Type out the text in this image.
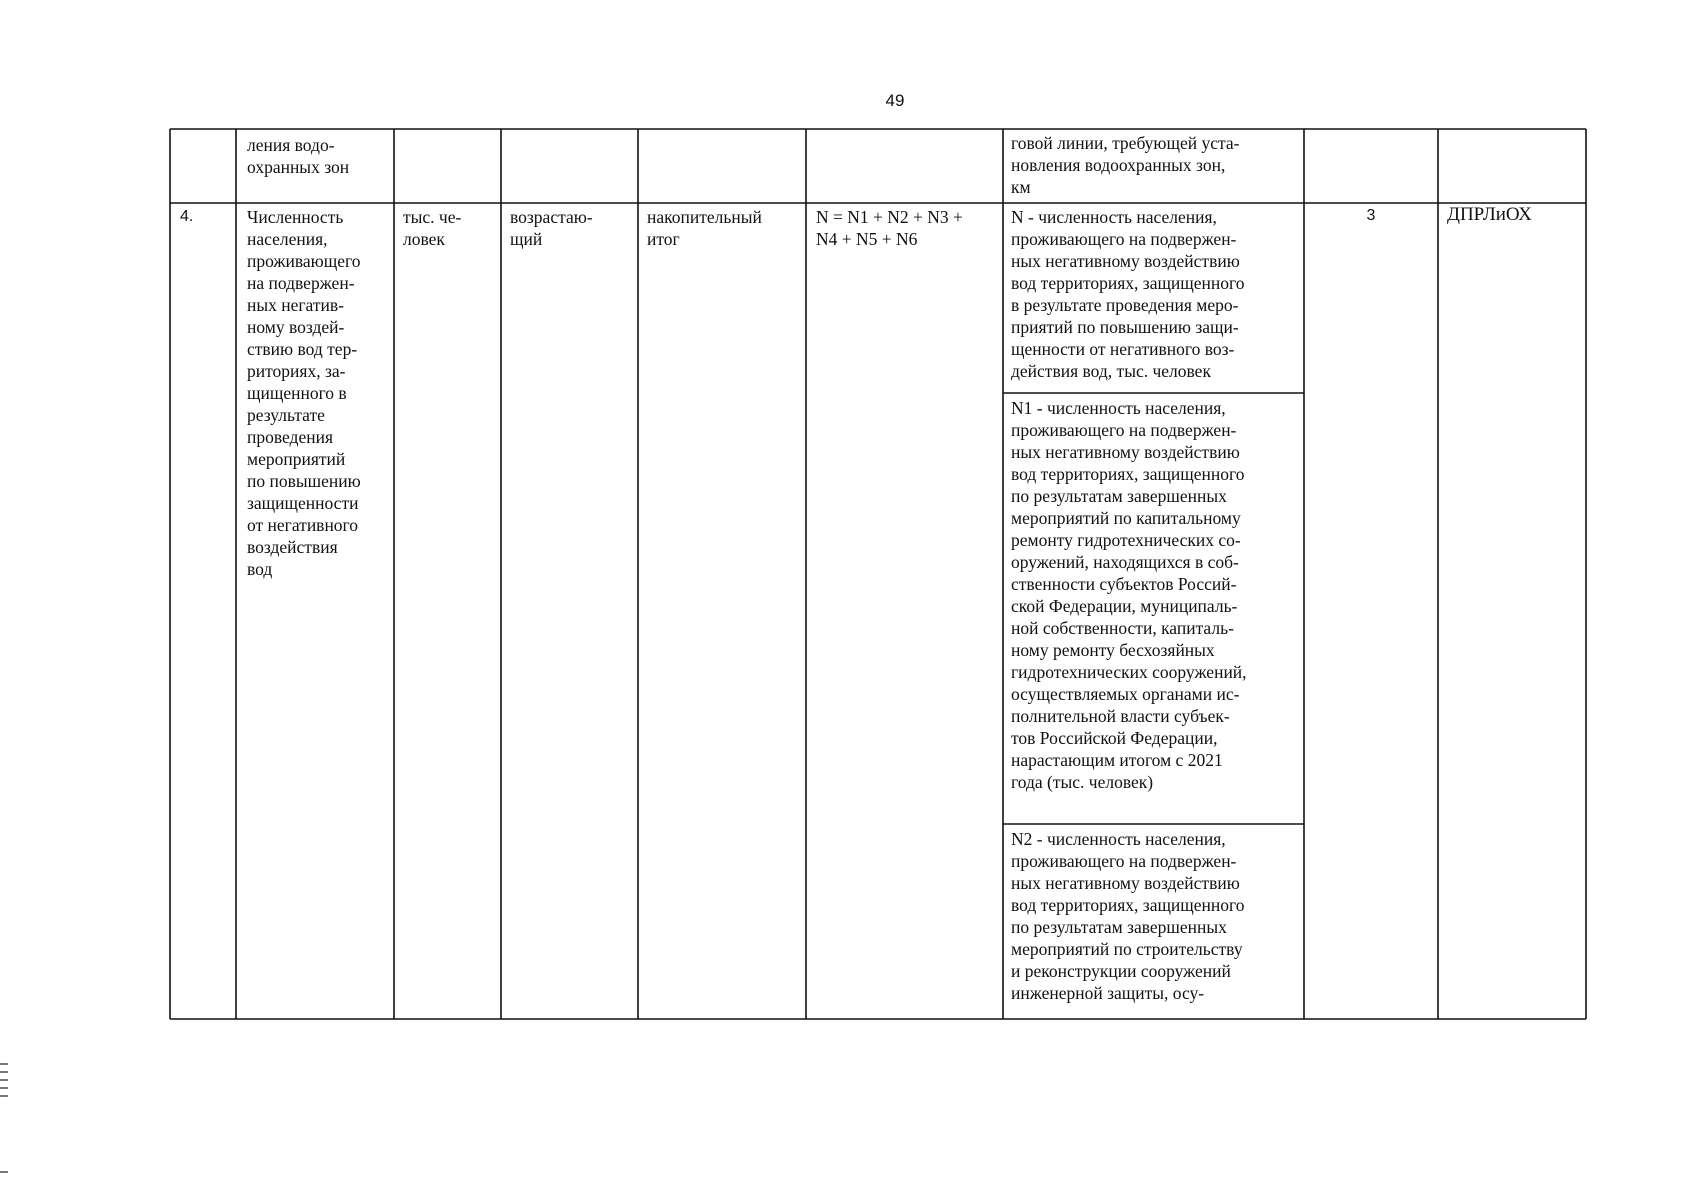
49
ления водо-
охранных зон
говой линии, требующей уста-
новления водоохранных зон,
км
4.	Численность
населения,
проживающего
на подвержен-
ных негатив-
ному воздей-
ствию вод тер-
риториях, за-
щищенного в
результате
проведения
мероприятий
по повышению
защищенности
от негативного
воздействия
вод
тыс. че-
ловек
возрастаю-
щий
накопительный
итог
N = N1 + N2 + N3 +
N4 + N5 + N6
N - численность населения,
проживающего на подвержен-
ных негативному воздействию
вод территориях, защищенного
в результате проведения меро-
приятий по повышению защи-
щенности от негативного воз-
действия вод, тыс. человек
N1 - численность населения,
проживающего на подвержен-
ных негативному воздействию
вод территориях, защищенного
по результатам завершенных
мероприятий по капитальному
ремонту гидротехнических со-
оружений, находящихся в соб-
ственности субъектов Россий-
ской Федерации, муниципаль-
ной собственности, капиталь-
ному ремонту бесхозяйных
гидротехнических сооружений,
осуществляемых органами ис-
полнительной власти субъек-
тов Российской Федерации,
нарастающим итогом с 2021
года (тыс. человек)
N2 - численность населения,
проживающего на подвержен-
ных негативному воздействию
вод территориях, защищенного
по результатам завершенных
мероприятий по строительству
и реконструкции сооружений
инженерной защиты, осу-
3	ДПРЛиОХ
